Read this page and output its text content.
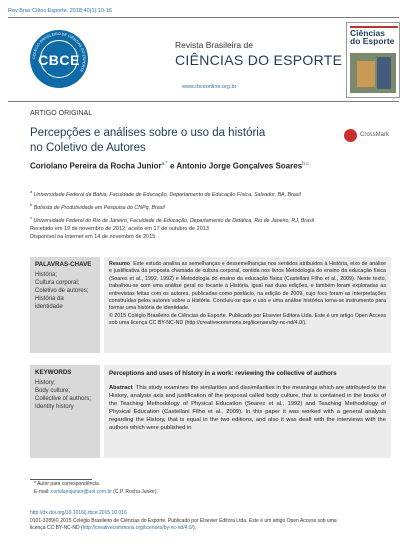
Rev Bras Ciênc Esporte. 2018;40(1):10-16
COLÉGIO BRASILEIRO DE CIÊNCIAS DO ESPORTE
CBCE
Revista Brasileira de
CIÊNCIAS DO ESPORTE
www.rbceonline.org.br
Ciências
do Esporte
ARTIGO ORIGINAL
Percepções e análises sobre o uso da história
no Coletivo de Autores
CrossMark
Coriolano Pereira da Rocha Junior$^{a,*}$ e Antonio Jorge Gonçalves Soares$^{b,c}$
$^a$ Universidade Federal da Bahia, Faculdade de Educação, Departamento de Educação Física, Salvador, BA, Brasil
$^b$ Bolsista de Produtividade em Pesquisa do CNPq, Brasil
$^c$ Universidade Federal do Rio de Janeiro, Faculdade de Educação, Departamento de Didática, Rio de Janeiro, RJ, Brasil
Recebido em 19 de novembro de 2012; aceito em 17 de outubro de 2013
Disponível na Internet em 14 de novembro de 2015
PALAVRAS-CHAVE
História;
Cultura corporal;
Coletivo de autores;
História da
identidade
Resumo Este estudo analisa as semelhanças e dessemelhanças nos sentidos atribuídos à História, eixo de análise e justificativa da proposta chamada de cultura corporal, contida nos livros Metodologia do ensino da educação física (Soares et al., 1992, 1992) e Metodologia do ensino da educação física (Castellani Filho et al., 2009). Neste texto, trabalhou-se com uma análise geral no tocante à História, igual nas duas edições, e também foram exploradas as entrevistas feitas com os autores, publicadas como posfácio, na edição de 2009, cujo foco foram as interpretações construídas pelos autores sobre a História. Concluiu-se que o uso e uma análise histórica torna-se instrumento para formar uma história de identidade.
© 2015 Colégio Brasileiro de Ciências do Esporte. Publicado por Elsevier Editora Ltda. Este é um artigo Open Access sob uma licença CC BY-NC-ND (http://creativecommons.org/licenses/by-nc-nd/4.0/).
KEYWORDS
History;
Body culture;
Collective of authors;
Identity history
Perceptions and uses of history in a work: reviewing the collective of authors
Abstract This study examines the similarities and dissimilarities in the meanings which are attributed to the History, analysis axis and justification of the proposal called body culture, that is contained in the books of the Teaching Methodology of Physical Education (Soares et al., 1992) and Teaching Methodology of Physical Education (Castellani Filho et al., 2009). In this paper it was worked with a general analysis regarding the History, that is equal in the two editions, and also it was dealt with the interviews with the authors which were published in
* Autor para correspondência.
E-mail: coriolanojunior@uol.com.br (C.P. Rocha Junior).
http://dx.doi.org/10.1016/j.rbce.2015.10.016
0101-3289/© 2015 Colégio Brasileiro de Ciências do Esporte. Publicado por Elsevier Editora Ltda. Este é um artigo Open Access sob uma
licença CC BY-NC-ND (http://creativecommons.org/licenses/by-nc-nd/4.0/).
